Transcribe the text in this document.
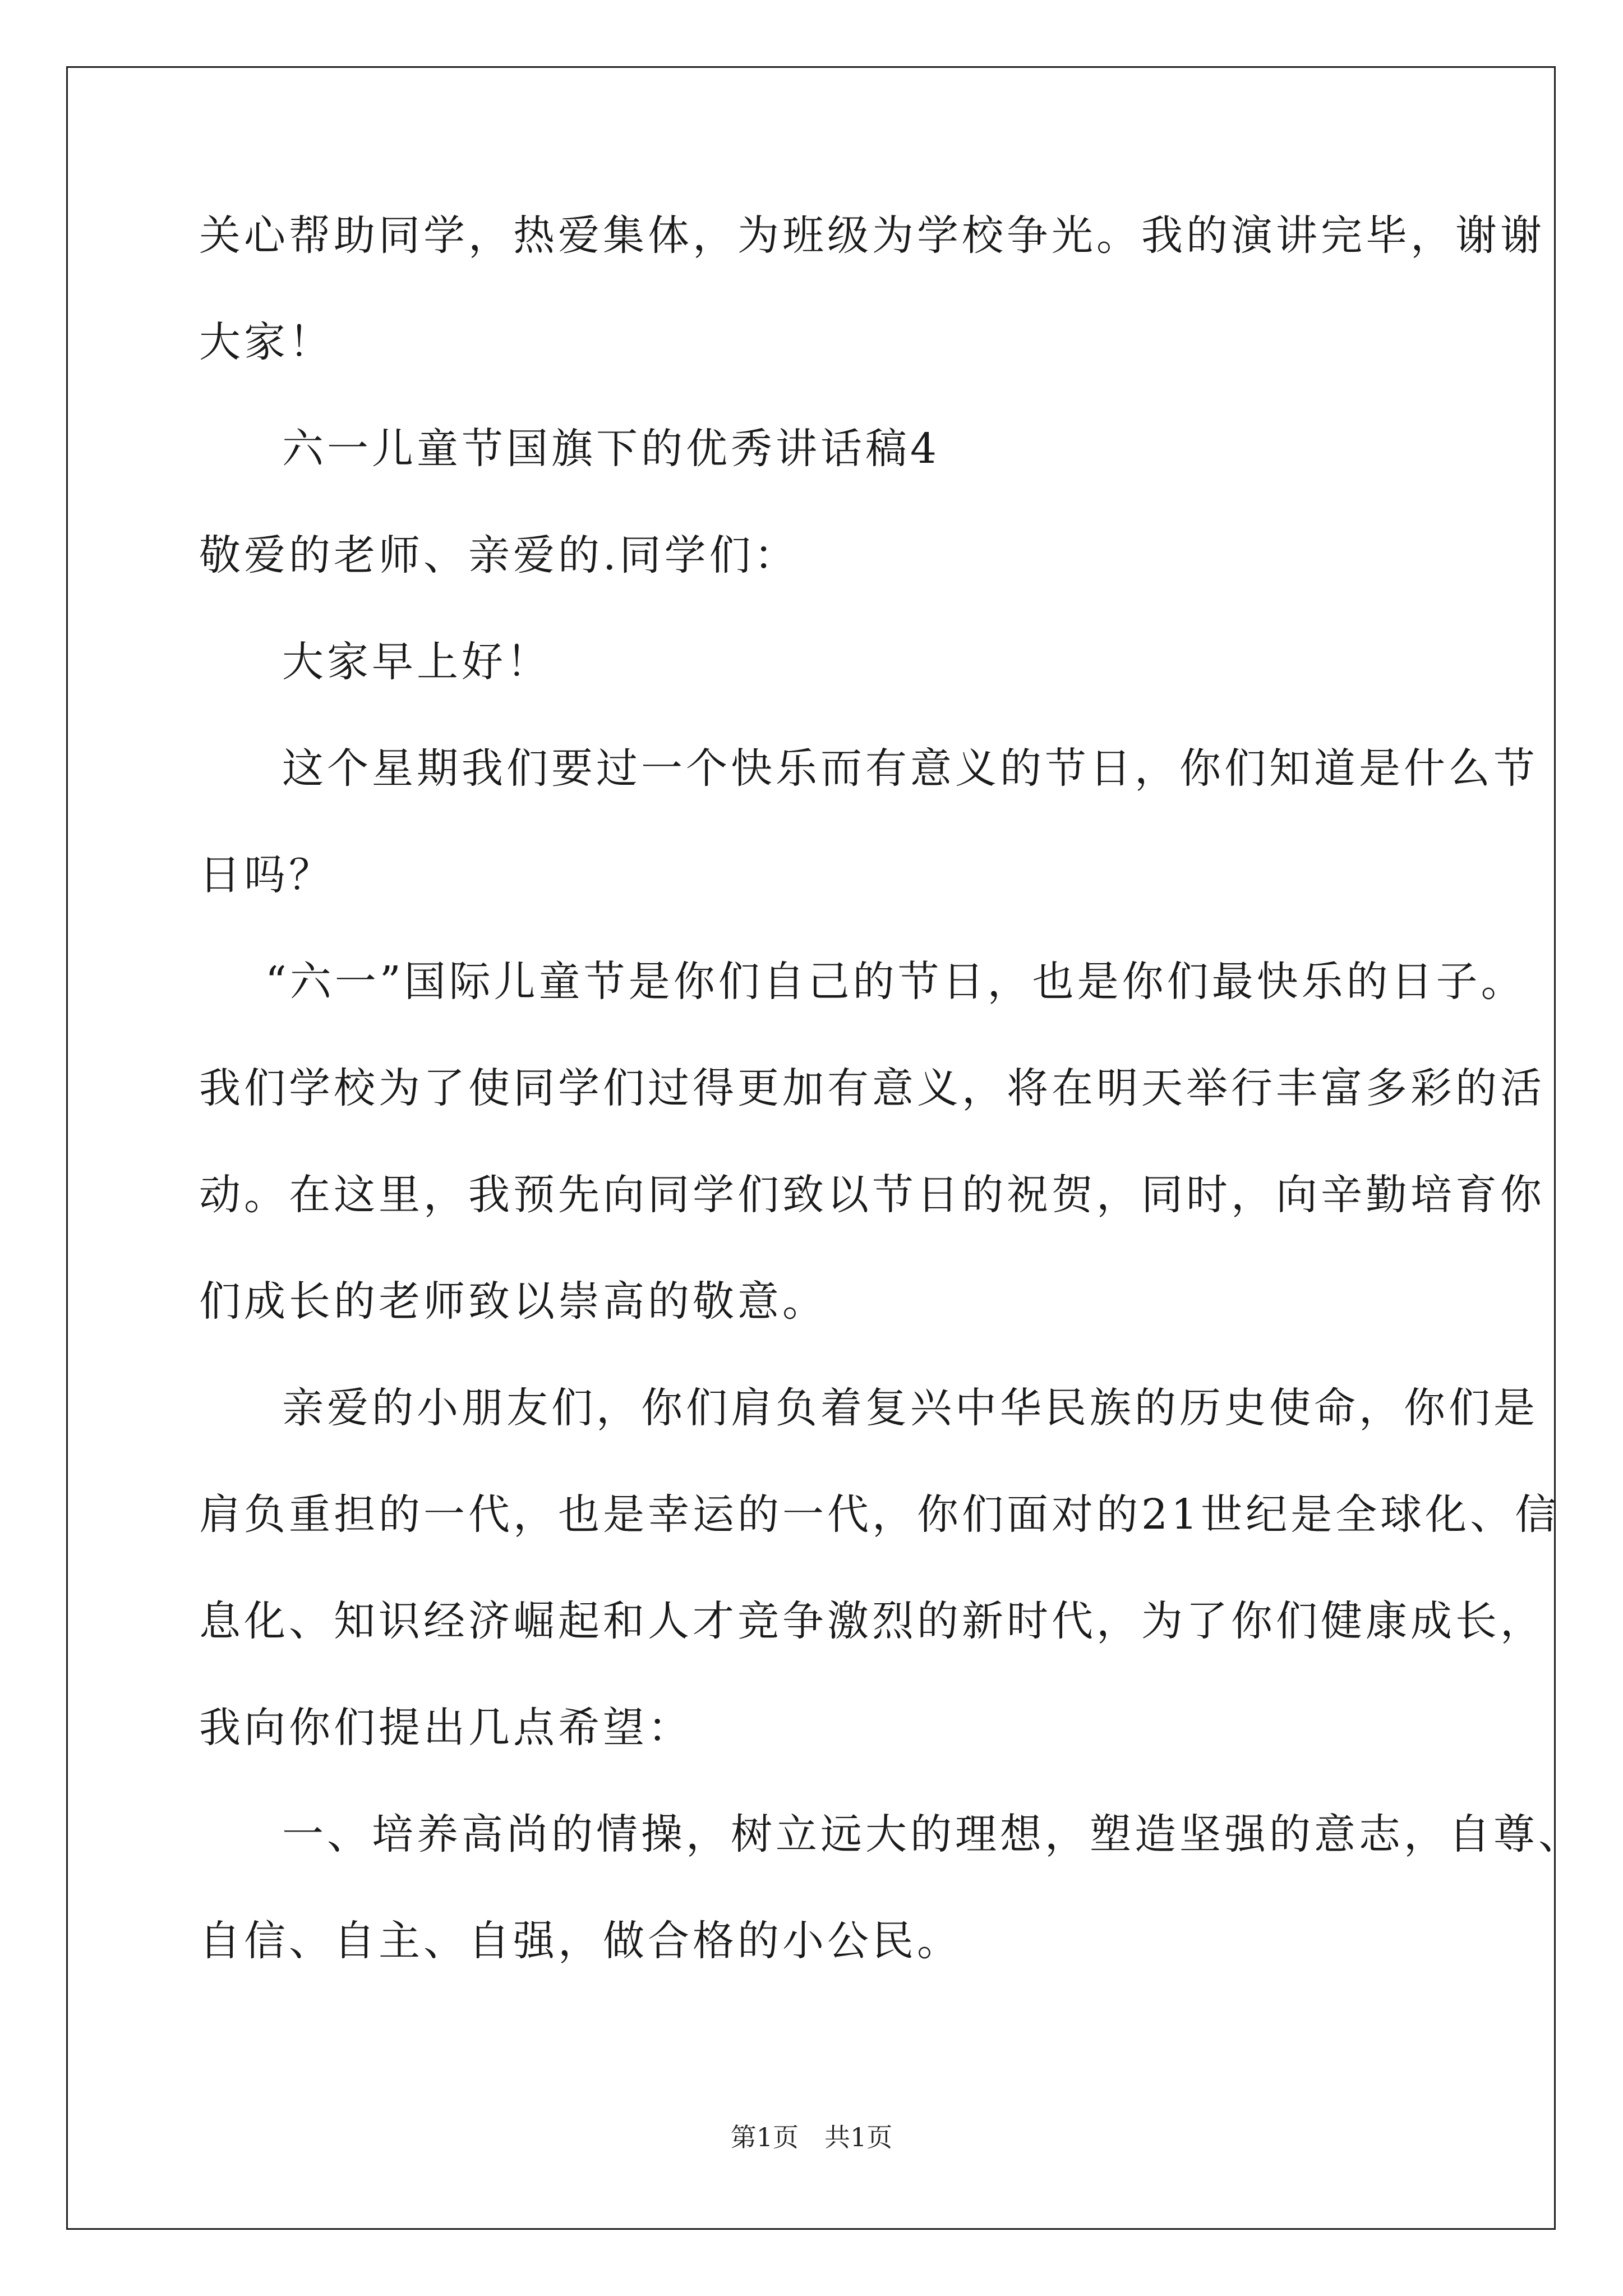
关心帮助同学，热爱集体，为班级为学校争光。我的演讲完毕，谢谢
大家！
六一儿童节国旗下的优秀讲话稿4
敬爱的老师、亲爱的.同学们：
大家早上好！
这个星期我们要过一个快乐而有意义的节日，你们知道是什么节
日吗？
“六一”国际儿童节是你们自己的节日，也是你们最快乐的日子。
我们学校为了使同学们过得更加有意义，将在明天举行丰富多彩的活
动。在这里，我预先向同学们致以节日的祝贺，同时，向辛勤培育你
们成长的老师致以崇高的敬意。
亲爱的小朋友们，你们肩负着复兴中华民族的历史使命，你们是
肩负重担的一代，也是幸运的一代，你们面对的21世纪是全球化、信
息化、知识经济崛起和人才竞争激烈的新时代，为了你们健康成长，
我向你们提出几点希望：
一、培养高尚的情操，树立远大的理想，塑造坚强的意志，自尊、
自信、自主、自强，做合格的小公民。
第1页　共1页
